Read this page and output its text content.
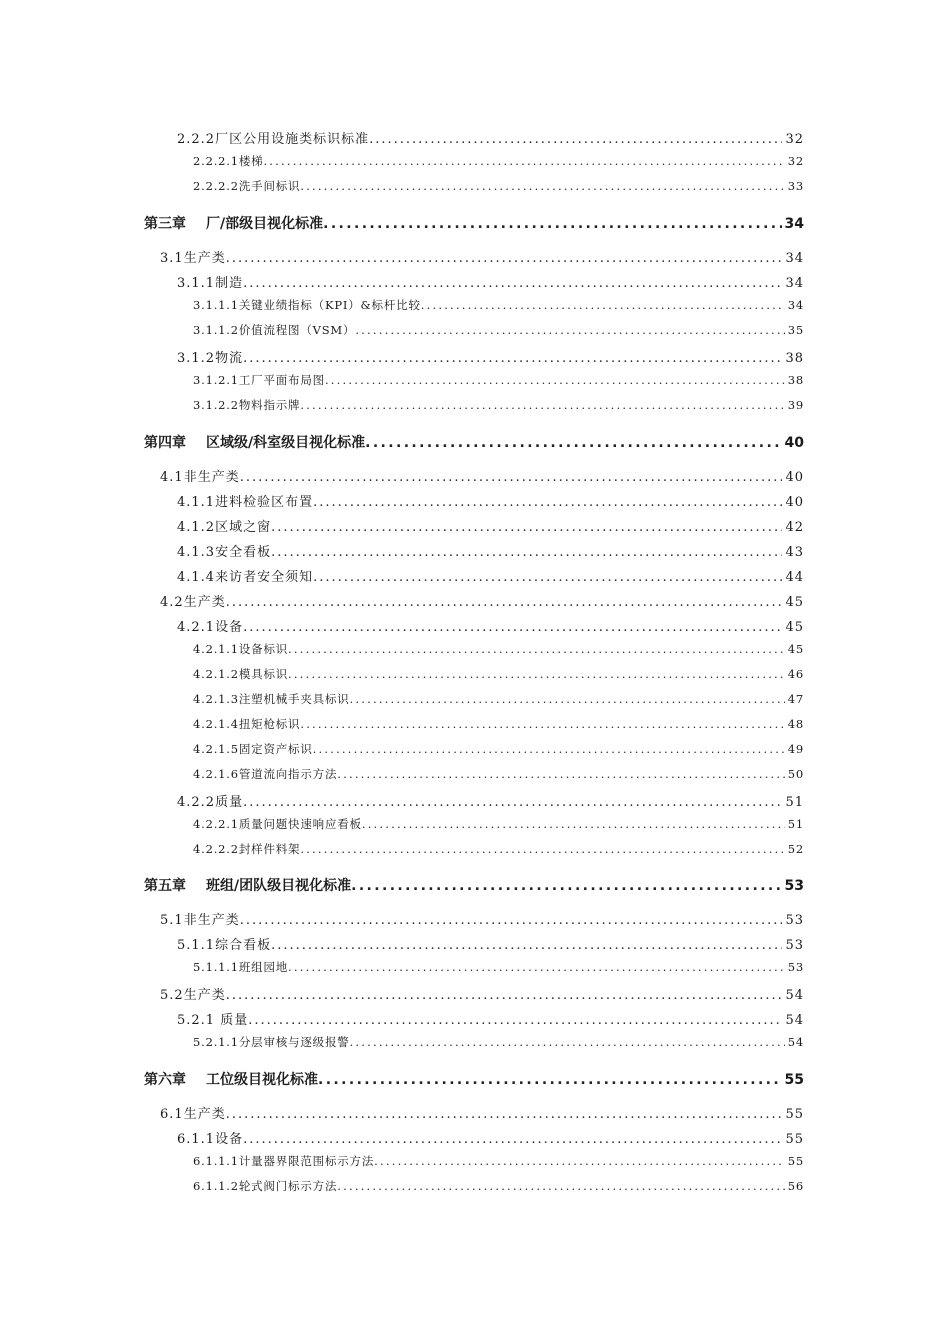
2.2.2厂区公用设施类标识标准 .....	32
2.2.2.1楼梯 .....	32
2.2.2.2洗手间标识 .....	33
第三章 厂/部级目视化标准 .....	34
3.1生产类 .....	34
3.1.1制造 .....	34
3.1.1.1关键业绩指标（KPI）&标杆比较 .....	34
3.1.1.2价值流程图（VSM） .....	35
3.1.2物流 .....	38
3.1.2.1工厂平面布局图 .....	38
3.1.2.2物料指示牌 .....	39
第四章 区域级/科室级目视化标准 .....	40
4.1非生产类 .....	40
4.1.1进料检验区布置 .....	40
4.1.2区域之窗 .....	42
4.1.3安全看板 .....	43
4.1.4来访者安全须知 .....	44
4.2生产类 .....	45
4.2.1设备 .....	45
4.2.1.1设备标识 .....	45
4.2.1.2模具标识 .....	46
4.2.1.3注塑机械手夹具标识 .....	47
4.2.1.4扭矩枪标识 .....	48
4.2.1.5固定资产标识 .....	49
4.2.1.6管道流向指示方法 .....	50
4.2.2质量 .....	51
4.2.2.1质量问题快速响应看板 .....	51
4.2.2.2封样件料架 .....	52
第五章 班组/团队级目视化标准 .....	53
5.1非生产类 .....	53
5.1.1综合看板 .....	53
5.1.1.1班组园地 .....	53
5.2生产类 .....	54
5.2.1 质量 .....	54
5.2.1.1分层审核与逐级报警 .....	54
第六章 工位级目视化标准 .....	55
6.1生产类 .....	55
6.1.1设备 .....	55
6.1.1.1计量器界限范围标示方法 .....	55
6.1.1.2轮式阀门标示方法 .....	56
